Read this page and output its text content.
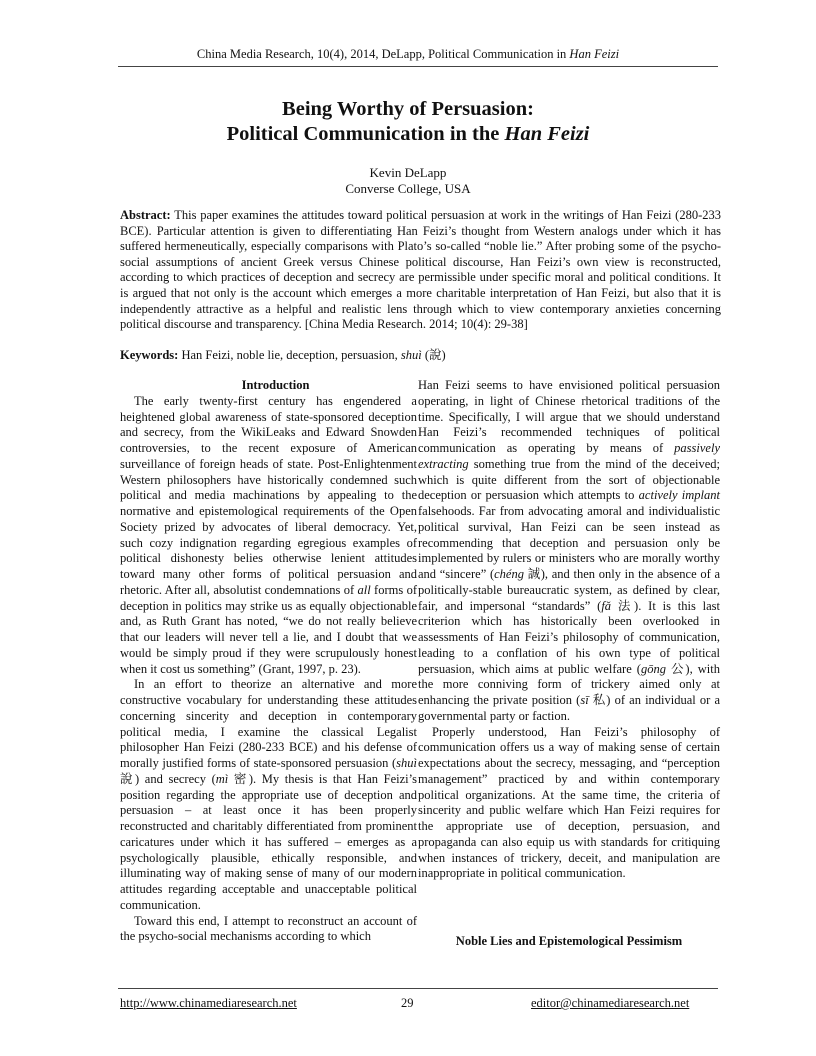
China Media Research, 10(4), 2014, DeLapp, Political Communication in Han Feizi
Being Worthy of Persuasion:
Political Communication in the Han Feizi
Kevin DeLapp
Converse College, USA
Abstract: This paper examines the attitudes toward political persuasion at work in the writings of Han Feizi (280-233 BCE). Particular attention is given to differentiating Han Feizi’s thought from Western analogs under which it has suffered hermeneutically, especially comparisons with Plato’s so-called “noble lie.” After probing some of the psycho-social assumptions of ancient Greek versus Chinese political discourse, Han Feizi’s own view is reconstructed, according to which practices of deception and secrecy are permissible under specific moral and political conditions. It is argued that not only is the account which emerges a more charitable interpretation of Han Feizi, but also that it is independently attractive as a helpful and realistic lens through which to view contemporary anxieties concerning political discourse and transparency. [China Media Research. 2014; 10(4): 29-38]
Keywords: Han Feizi, noble lie, deception, persuasion, shuì (說)

Introduction

The early twenty-first century has engendered a heightened global awareness of state-sponsored deception and secrecy, from the WikiLeaks and Edward Snowden controversies, to the recent exposure of American surveillance of foreign heads of state. Post-Enlightenment Western philosophers have historically condemned such political and media machinations by appealing to the normative and epistemological requirements of the Open Society prized by advocates of liberal democracy. Yet, such cozy indignation regarding egregious examples of political dishonesty belies otherwise lenient attitudes toward many other forms of political persuasion and rhetoric. After all, absolutist condemnations of all forms of deception in politics may strike us as equally objectionable and, as Ruth Grant has noted, “we do not really believe that our leaders will never tell a lie, and I doubt that we would be simply proud if they were scrupulously honest when it cost us something” (Grant, 1997, p. 23).

In an effort to theorize an alternative and more constructive vocabulary for understanding these attitudes concerning sincerity and deception in contemporary political media, I examine the classical Legalist philosopher Han Feizi (280-233 BCE) and his defense of morally justified forms of state-sponsored persuasion (shuì 說) and secrecy (mì 密). My thesis is that Han Feizi’s position regarding the appropriate use of deception and persuasion – at least once it has been properly reconstructed and charitably differentiated from prominent caricatures under which it has suffered – emerges as a psychologically plausible, ethically responsible, and illuminating way of making sense of many of our modern attitudes regarding acceptable and unacceptable political communication.

Toward this end, I attempt to reconstruct an account of the psycho-social mechanisms according to which

Han Feizi seems to have envisioned political persuasion operating, in light of Chinese rhetorical traditions of the time. Specifically, I will argue that we should understand Han Feizi’s recommended techniques of political communication as operating by means of passively extracting something true from the mind of the deceived; which is quite different from the sort of objectionable deception or persuasion which attempts to actively implant falsehoods. Far from advocating amoral and individualistic political survival, Han Feizi can be seen instead as recommending that deception and persuasion only be implemented by rulers or ministers who are morally worthy and “sincere” (chéng 誠), and then only in the absence of a politically-stable bureaucratic system, as defined by clear, fair, and impersonal “standards” (fǎ 法). It is this last criterion which has historically been overlooked in assessments of Han Feizi’s philosophy of communication, leading to a conflation of his own type of political persuasion, which aims at public welfare (gōng 公), with the more conniving form of trickery aimed only at enhancing the private position (sī 私) of an individual or a governmental party or faction.

Properly understood, Han Feizi’s philosophy of communication offers us a way of making sense of certain expectations about the secrecy, messaging, and “perception management” practiced by and within contemporary political organizations. At the same time, the criteria of sincerity and public welfare which Han Feizi requires for the appropriate use of deception, persuasion, and propaganda can also equip us with standards for critiquing when instances of trickery, deceit, and manipulation are inappropriate in political communication.

Noble Lies and Epistemological Pessimism
http://www.chinamediaresearch.net	29	editor@chinamediaresearch.net
